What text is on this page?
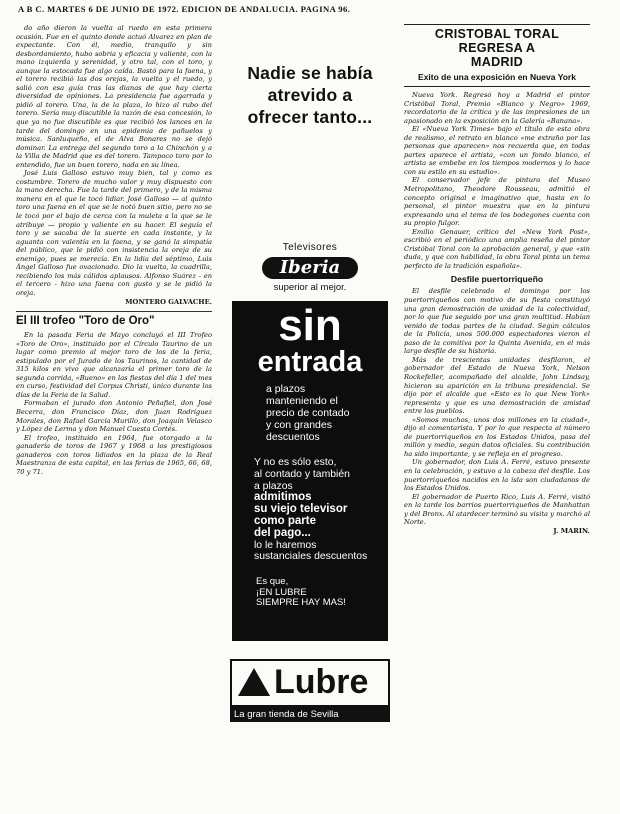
A B C. MARTES 6 DE JUNIO DE 1972. EDICION DE ANDALUCIA. PAGINA 96.

do año dieron la vuelta al ruedo en esta primera ocasión. Fue en el quinto donde actuó Alvarez en plan de expectante. Con él, medio, tranquilo y sin desbordamiento, hubo sobria y eficacia y valiente, con la mano izquierda y serenidad, y otro tal, con el toro, y aunque la estocada fue algo caída. Bastó para la faena, y el torero recibió las dos orejas, la vuelta y el ruedo, y salió con esa guía tras las dianas de que hay cierta diversidad de opiniones. La presidencia fue agarrada y pidió al torero. Una, la de la plaza, lo hizo al rubo del torero. Sería muy discutible la razón de esa concesión, lo que ya no fue discutible es que recibió los lances en la tarde del domingo en una epidemia de pañuelos y música. Sanluqueño, el de Alva Bonares no se dejó dominar. La entrega del segundo toro a la Chinchón y a la Villa de Madrid que es del torero. Tampoco toro por lo entendido, fue un buen torero, nada en su línea.

José Luis Galloso estuvo muy bien, tal y como es costumbre. Torero de mucho valor y muy dispuesto con la mano derecha. Fue la tarde del primero, y de la misma manera en el que le tocó lidiar. José Galloso — al quinto toro una faena en el que se le notó buen sitio, pero no se le tocó por el bajo de cerca con la muleta a la que se le atribuye — propio y valiente en su hacer. El seguía el toro y se sacaba de la suerte en cada instante, y la aguanta con valentía en la faena, y se ganó la simpatía del público, que le pidió con insistencia la oreja de su enemigo, pues se merecía. En la lidia del séptimo, Luis Ángel Galloso fue ovacionado. Dio la vuelta, la cuadrilla, recibiendo los más cálidos aplausos. Alfonso Suárez - en el tercero - hizo una faena con gusto y se le pidió la oreja.

MONTERO GALVACHE.
El III trofeo "Toro de Oro"

En la pasada Feria de Mayo concluyó el III Trofeo «Toro de Oro», instituido por el Círculo Taurino de un lugar como premio al mejor toro de los de la feria, estipulado por el Jurado de los Taurinos, la cantidad de 315 kilos en vivo que alcanzaría el primer toro de la segunda corrida, «Bueno» en las fiestas del día 1 del mes en curso, festividad del Corpus Christi, único durante los días de la Feria de la Salud.

Formaban el jurado don Antonio Peñafiel, don José Becerra, don Francisco Díaz, don Juan Rodríguez Morales, don Rafael García Murillo, don Joaquín Velasco y López de Lerma y don Manuel Cuesta Cortés.

El trofeo, instituido en 1964, fue otorgado a la ganadería de toros de 1967 y 1968 a los prestigiosos ganaderos con toros lidiados en la plaza de la Real Maestranza de esta capital, en las ferias de 1965, 66, 68, 70 y 71.

Nadie se había
atrevido a
ofrecer tanto...
Televisores
Iberia
superior al mejor.
sin
entrada
a plazos
manteniendo el
precio de contado
y con grandes
descuentos
Y no es sólo esto,
al contado y también
a plazos
admitimos
su viejo televisor
como parte
del pago...
lo le haremos
sustanciales descuentos
Es que,
¡EN LUBRE
SIEMPRE HAY MAS!
Lubre
La gran tienda de Sevilla
CRISTOBAL TORAL REGRESA A
MADRID
Exito de una exposición en Nueva York

Nueva York. Regresó hoy a Madrid el pintor Cristóbal Toral, Premio «Blanco y Negro» 1969, recordatorio de la crítica y de las impresiones de un apasionado en la exposición en la Galería «Banana».

El «Nueva York Times» bajo el título de esta obra de realismo, el retrato en blanco «me extraño por las personas que aparecen» nos recuerda que, en todas partes aparece el artista, «con un fondo blanco, el artista se embebe en los tiempos modernos y lo hace con su estilo en su estudio».

El conservador jefe de pintura del Museo Metropolitano, Theodore Rousseau, admitió el concepto original e imaginativo que, hasta en lo personal, el pintor muestra que en la pintura expresando una el tema de los bodegones cuenta con su propio fulgor.

Emilio Genauer, crítico del «New York Post», escribió en el periódico una amplia reseña del pintor Cristóbal Toral con la aprobación general, y que «sin duda, y que con habilidad, la obra Toral pinta un tema perfecto de la tradición española».

Desfile puertorriqueño

El desfile celebrado el domingo por los puertorriqueños con motivo de su fiesta constituyó una gran demostración de unidad de la colectividad, por lo que fue seguido por una gran multitud. Habían venido de todas partes de la ciudad. Según cálculos de la Policía, unos 500.000 espectadores vieron el paso de la comitiva por la Quinta Avenida, en el más largo desfile de su historia.

Más de trescientas unidades desfilaron, el gobernador del Estado de Nueva York, Nelson Rockefeller, acompañado del alcalde, John Lindsay, hicieron su aparición en la tribuna presidencial. Se dijo por el alcalde que «Esto es lo que New York» representa y que es una demostración de amistad entre los pueblos.

«Somos muchos, unos dos millones en la ciudad», dijo el comentarista. Y por lo que respecta al número de puertorriqueños en los Estados Unidos, pasa del millón y medio, según datos oficiales. Su contribución ha sido importante, y se refleja en el progreso.

Un gobernador, don Luis A. Ferré, estuvo presente en la celebración, y estuvo a la cabeza del desfile. Los puertorriqueños nacidos en la isla son ciudadanos de los Estados Unidos.

El gobernador de Puerto Rico, Luis A. Ferré, visitó en la tarde los barrios puertorriqueños de Manhattan y del Bronx. Al atardecer terminó su visita y marchó al Norte.

J. MARIN.
